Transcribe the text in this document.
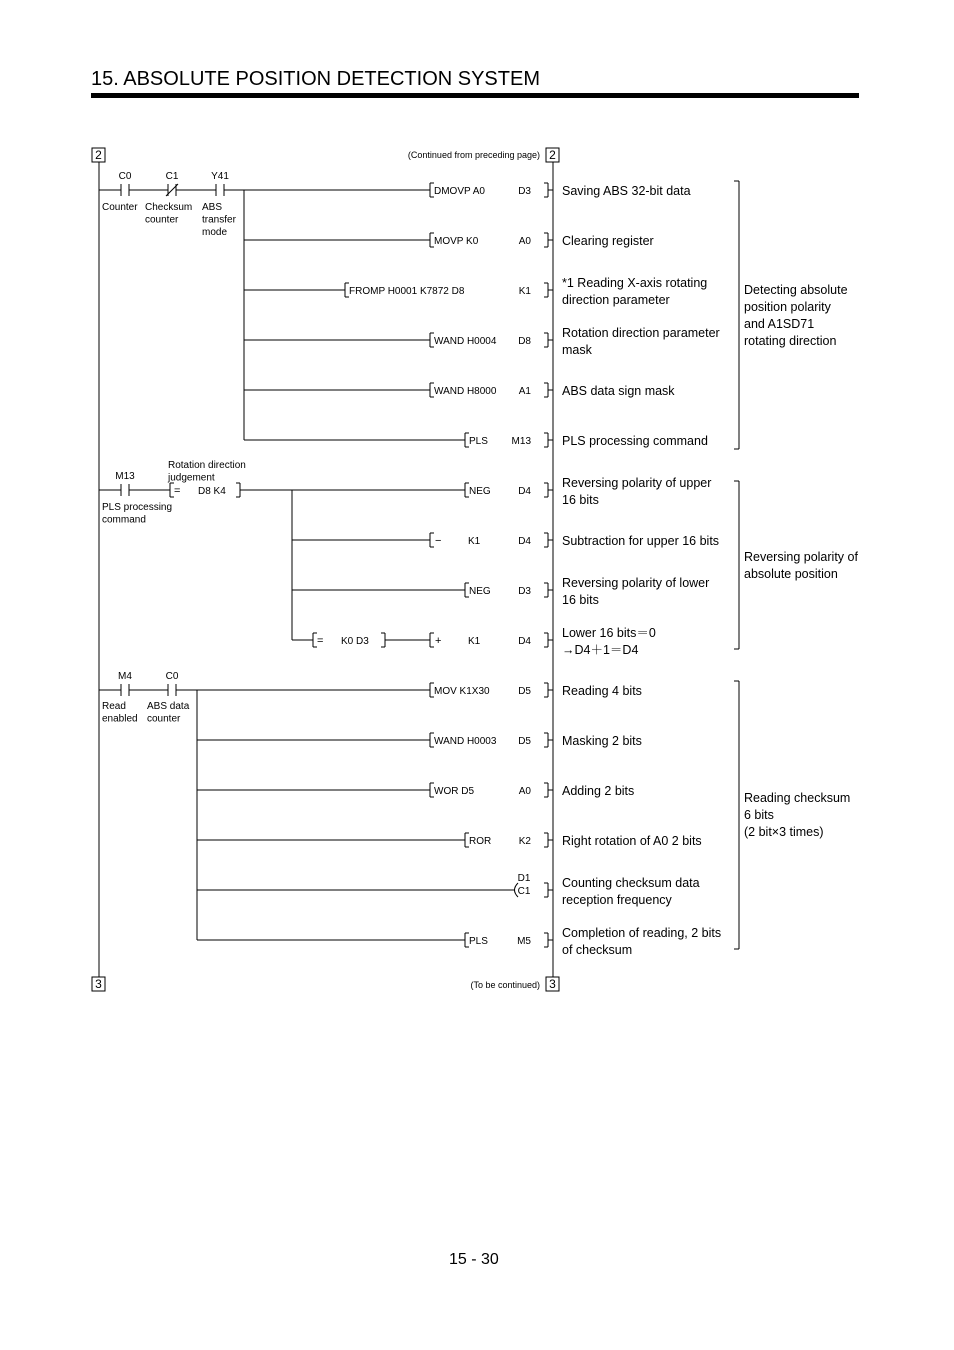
15. ABSOLUTE POSITION DETECTION SYSTEM
2	2
3	3
(Continued from preceding page)
(To be continued)
C0	C1	Y41
Counter Checksum
counter
ABS
transfer
mode
DMOVP A0	D3 Saving ABS 32-bit data
MOVP K0	A0 Clearing register
FROMP H0001 K7872 D8	K1
*1 Reading X-axis rotating
direction parameter
WAND H0004 D8
Rotation direction parameter
mask
WAND H8000 A1 ABS data sign mask
PLS M13 PLS processing command
Detecting absolute
position polarity
and A1SD71
rotating direction
M13
PLS processing
command
= D8 K4
Rotation direction
judgement
NEG	D4
Reversing polarity of upper
16 bits
−	K1	D4 Subtraction for upper 16 bits
NEG	D3
Reversing polarity of lower
16 bits
= K0 D3	+	K1	D4
Lower 16 bits＝0
→D4＋1＝D4
Reversing polarity of
absolute position
M4	C0
Read
enabled
ABS data
counter
MOV K1X30	D5 Reading 4 bits
WAND H0003 D5 Masking 2 bits
WOR D5	A0 Adding 2 bits
ROR	K2 Right rotation of A0 2 bits
C1
D1	Counting checksum data
reception frequency
PLS	M5
Completion of reading, 2 bits
of checksum
Reading checksum
6 bits
(2 bit×3 times)
15 - 30
